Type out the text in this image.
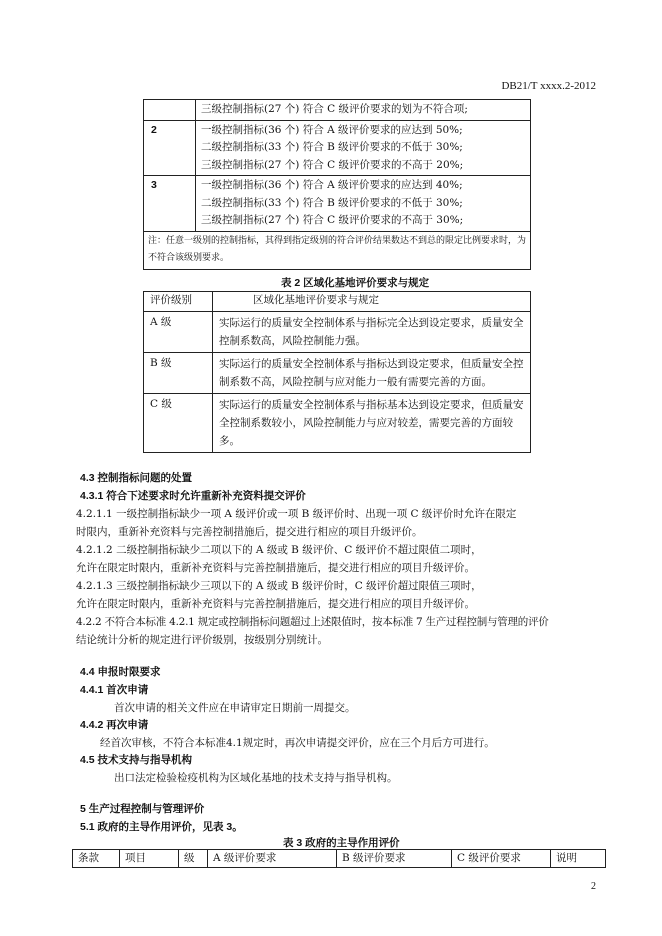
DB21/T xxxx.2-2012

	三级控制指标(27 个) 符合 C 级评价要求的划为不符合项;

2	一级控制指标(36 个) 符合 A 级评价要求的应达到 50%;
二级控制指标(33 个) 符合 B 级评价要求的不低于 30%;
三级控制指标(27 个) 符合 C 级评价要求的不高于 20%;

3	一级控制指标(36 个) 符合 A 级评价要求的应达到 40%;
二级控制指标(33 个) 符合 B 级评价要求的不低于 30%;
三级控制指标(27 个) 符合 C 级评价要求的不高于 30%;

注：任意一级别的控制指标，其得到指定级别的符合评价结果数达不到总的限定比例要求时，为不符合该级别要求。	
表 2 区域化基地评价要求与规定
评价级别	区域化基地评价要求与规定
A 级	实际运行的质量安全控制体系与指标完全达到设定要求，质量安全控制系数高，风险控制能力强。
B 级	实际运行的质量安全控制体系与指标达到设定要求，但质量安全控制系数不高，风险控制与应对能力一般有需要完善的方面。
C 级	实际运行的质量安全控制体系与指标基本达到设定要求，但质量安全控制系数较小，风险控制能力与应对较差，需要完善的方面较多。
4.3 控制指标问题的处置
4.3.1 符合下述要求时允许重新补充资料提交评价
4.2.1.1 一级控制指标缺少一项 A 级评价或一项 B 级评价时、出现一项 C 级评价时允许在限定
时限内，重新补充资料与完善控制措施后，提交进行相应的项目升级评价。
4.2.1.2 二级控制指标缺少二项以下的 A 级或 B 级评价、C 级评价不超过限值二项时，
允许在限定时限内，重新补充资料与完善控制措施后，提交进行相应的项目升级评价。
4.2.1.3 三级控制指标缺少三项以下的 A 级或 B 级评价时，C 级评价超过限值三项时，
允许在限定时限内，重新补充资料与完善控制措施后，提交进行相应的项目升级评价。
4.2.2 不符合本标准 4.2.1 规定或控制指标问题超过上述限值时，按本标准 7 生产过程控制与管理的评价
结论统计分析的规定进行评价级别，按级别分别统计。
4.4 申报时限要求
4.4.1 首次申请
首次申请的相关文件应在申请审定日期前一周提交。
4.4.2 再次申请
经首次审核，不符合本标准4.1规定时，再次申请提交评价，应在三个月后方可进行。
4.5 技术支持与指导机构
出口法定检验检疫机构为区域化基地的技术支持与指导机构。
5 生产过程控制与管理评价
5.1 政府的主导作用评价，见表 3。
表 3 政府的主导作用评价
条款	项目	级	A 级评价要求	B 级评价要求	C 级评价要求	说明
2
